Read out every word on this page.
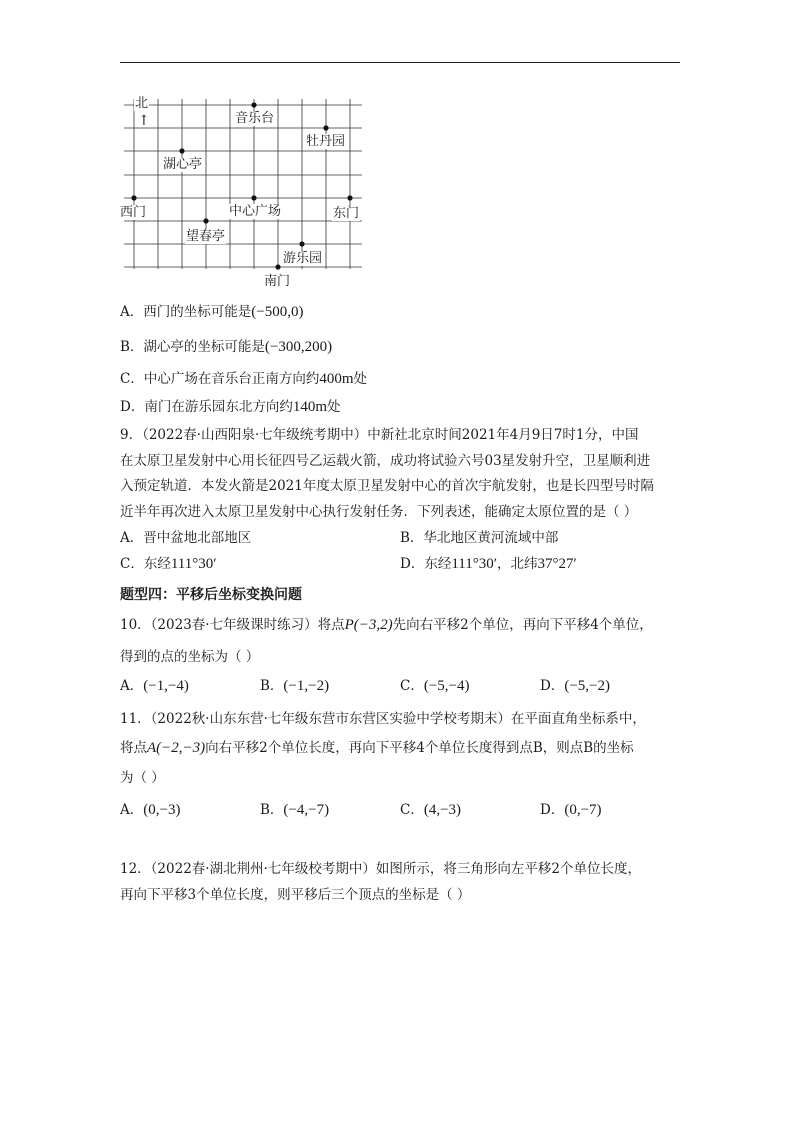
北
↑	音乐台
牡丹园
湖心亭
西门	中心广场	东门
望春亭
游乐园
南门
A．西门的坐标可能是(−500,0)
B．湖心亭的坐标可能是(−300,200)
C．中心广场在音乐台正南方向约400m处
D．南门在游乐园东北方向约140m处
9．（2022春·山西阳泉·七年级统考期中）中新社北京时间2021年4月9日7时1分，中国
在太原卫星发射中心用长征四号乙运载火箭，成功将试验六号03星发射升空，卫星顺利进
入预定轨道．本发火箭是2021年度太原卫星发射中心的首次宇航发射，也是长四型号时隔
近半年再次进入太原卫星发射中心执行发射任务．下列表述，能确定太原位置的是（ ）
A．晋中盆地北部地区	B．华北地区黄河流域中部
C．东经111°30′	D．东经111°30′，北纬37°27′
题型四：平移后坐标变换问题
10．（2023春·七年级课时练习）将点P(−3,2)先向右平移2个单位，再向下平移4个单位，
得到的点的坐标为（ ）
A．(−1,−4)	B．(−1,−2)	C．(−5,−4)	D．(−5,−2)
11．（2022秋·山东东营·七年级东营市东营区实验中学校考期末）在平面直角坐标系中，
将点A(−2,−3)向右平移2个单位长度，再向下平移4个单位长度得到点B，则点B的坐标
为（ ）
A．(0,−3)	B．(−4,−7)	C．(4,−3)	D．(0,−7)
12．（2022春·湖北荆州·七年级校考期中）如图所示，将三角形向左平移2个单位长度，
再向下平移3个单位长度，则平移后三个顶点的坐标是（ ）
